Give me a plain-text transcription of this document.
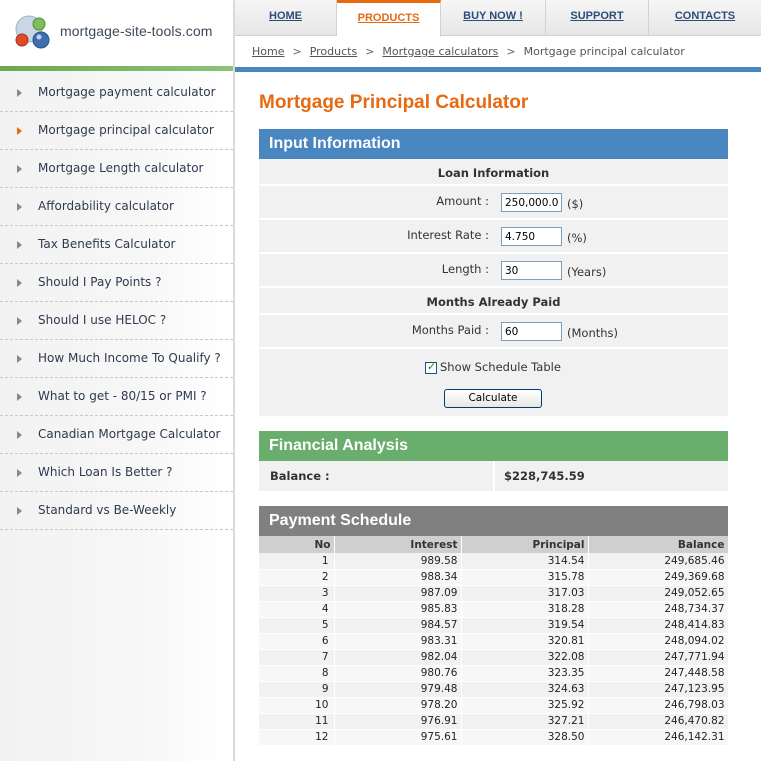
mortgage-site-tools.com
Mortgage payment calculator
Mortgage principal calculator
Mortgage Length calculator
Affordability calculator
Tax Benefits Calculator
Should I Pay Points ?
Should I use HELOC ?
How Much Income To Qualify ?
What to get - 80/15 or PMI ?
Canadian Mortgage Calculator
Which Loan Is Better ?
Standard vs Be-Weekly
HOME	PRODUCTS	BUY NOW !	SUPPORT	CONTACTS
Home > Products > Mortgage calculators > Mortgage principal calculator
Mortgage Principal Calculator
Input Information
Loan Information
Amount :
250,000.00	($)
Interest Rate :
4.750	(%)
Length :
30	(Years)
Months Already Paid
Months Paid :
60	(Months)
✓ Show Schedule Table
Calculate
Financial Analysis
Balance :	$228,745.59
Payment Schedule
No	Interest	Principal	Balance
1	989.58	314.54	249,685.46
2	988.34	315.78	249,369.68
3	987.09	317.03	249,052.65
4	985.83	318.28	248,734.37
5	984.57	319.54	248,414.83
6	983.31	320.81	248,094.02
7	982.04	322.08	247,771.94
8	980.76	323.35	247,448.58
9	979.48	324.63	247,123.95
10	978.20	325.92	246,798.03
11	976.91	327.21	246,470.82
12	975.61	328.50	246,142.31
